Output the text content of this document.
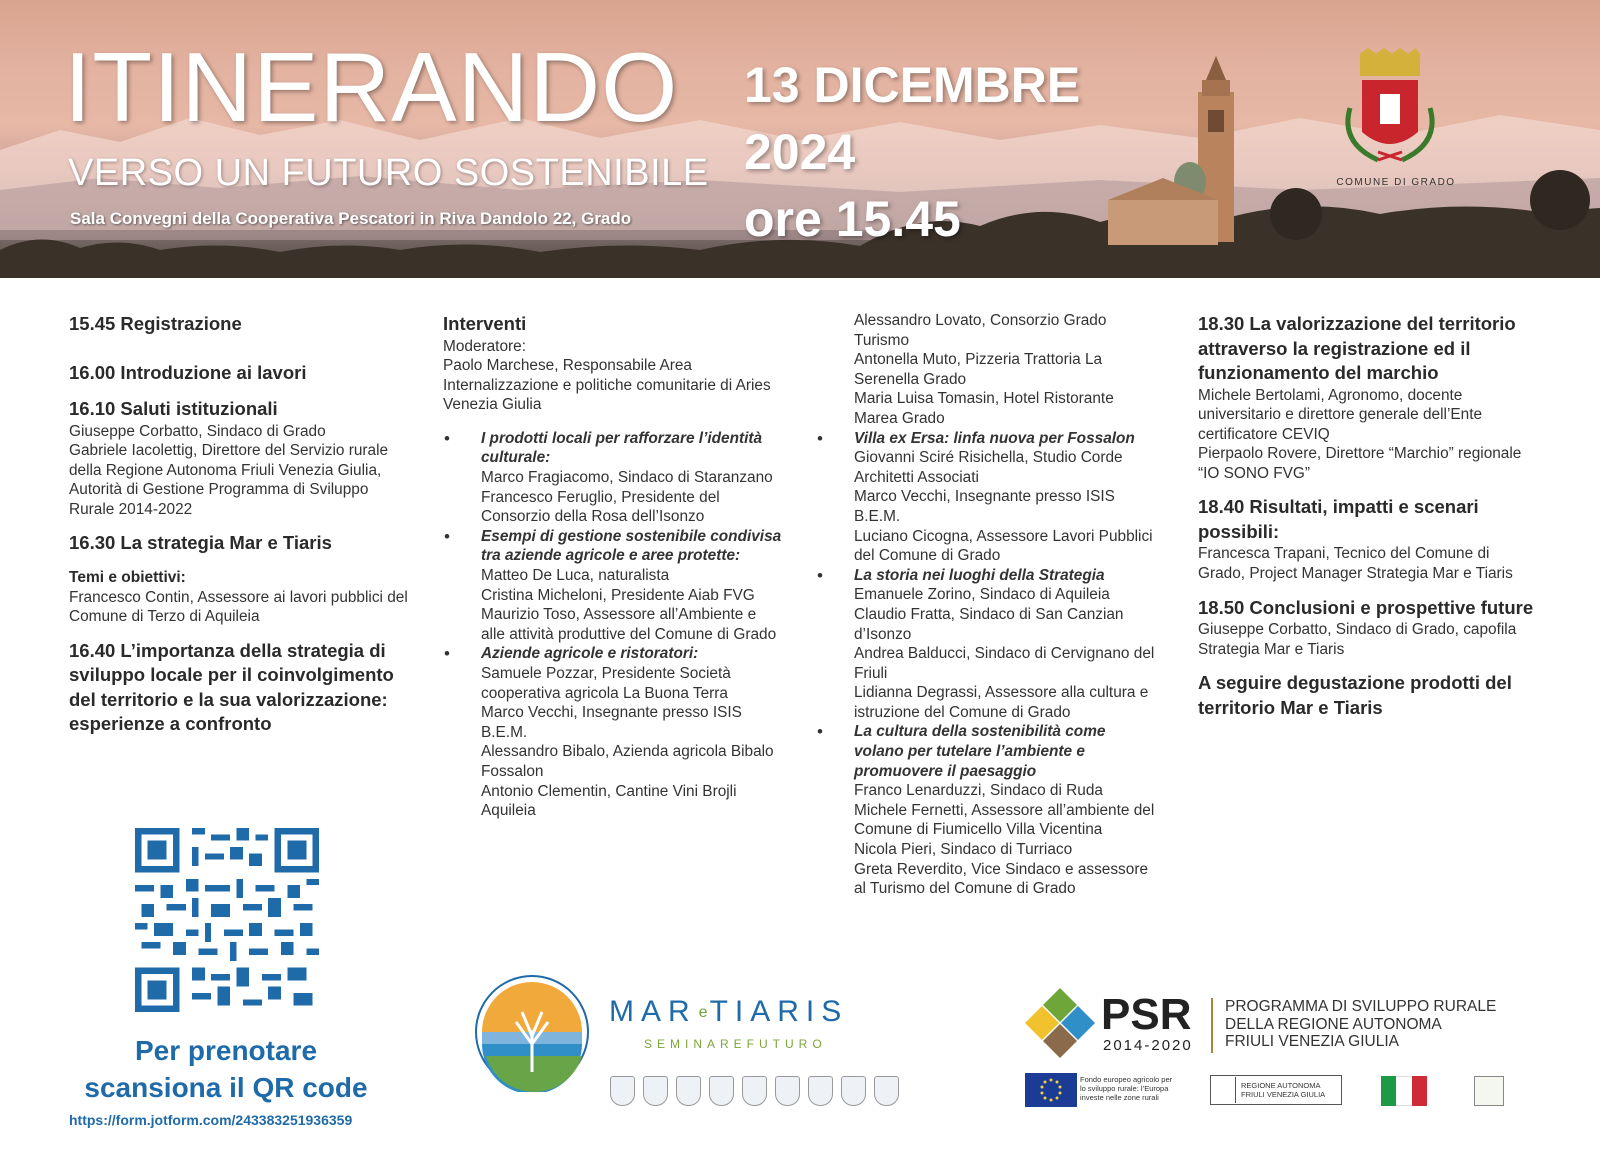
ITINERANDO
VERSO UN FUTURO SOSTENIBILE
Sala Convegni della Cooperativa Pescatori in Riva Dandolo 22, Grado
13 DICEMBRE
2024
ore 15.45
COMUNE DI GRADO
15.45 Registrazione
16.00 Introduzione ai lavori
16.10 Saluti istituzionali
Giuseppe Corbatto, Sindaco di Grado
Gabriele Iacolettig, Direttore del Servizio rurale della Regione Autonoma Friuli Venezia Giulia, Autorità di Gestione Programma di Sviluppo Rurale 2014-2022
16.30 La strategia Mar e Tiaris
Temi e obiettivi:
Francesco Contin, Assessore ai lavori pubblici del Comune di Terzo di Aquileia
16.40 L’importanza della strategia di sviluppo locale per il coinvolgimento del territorio e la sua valorizzazione:
esperienze a confronto
Interventi
Moderatore:
Paolo Marchese, Responsabile Area Internalizzazione e politiche comunitarie di Aries Venezia Giulia
• I prodotti locali per rafforzare l’identità culturale:
Marco Fragiacomo, Sindaco di Staranzano
Francesco Feruglio, Presidente del Consorzio della Rosa dell’Isonzo
• Esempi di gestione sostenibile condivisa tra aziende agricole e aree protette:
Matteo De Luca, naturalista
Cristina Micheloni, Presidente Aiab FVG
Maurizio Toso, Assessore all’Ambiente e alle attività produttive del Comune di Grado
• Aziende agricole e ristoratori:
Samuele Pozzar, Presidente Società cooperativa agricola La Buona Terra
Marco Vecchi, Insegnante presso ISIS B.E.M.
Alessandro Bibalo, Azienda agricola Bibalo Fossalon
Antonio Clementin, Cantine Vini Brojli Aquileia
Alessandro Lovato, Consorzio Grado Turismo
Antonella Muto, Pizzeria Trattoria La Serenella Grado
Maria Luisa Tomasin, Hotel Ristorante Marea Grado
• Villa ex Ersa: linfa nuova per Fossalon
Giovanni Sciré Risichella, Studio Corde Architetti Associati
Marco Vecchi, Insegnante presso ISIS B.E.M.
Luciano Cicogna, Assessore Lavori Pubblici del Comune di Grado
• La storia nei luoghi della Strategia
Emanuele Zorino, Sindaco di Aquileia
Claudio Fratta, Sindaco di San Canzian d’Isonzo
Andrea Balducci, Sindaco di Cervignano del Friuli
Lidianna Degrassi, Assessore alla cultura e istruzione del Comune di Grado
• La cultura della sostenibilità come volano per tutelare l’ambiente e promuovere il paesaggio
Franco Lenarduzzi, Sindaco di Ruda
Michele Fernetti, Assessore all’ambiente del Comune di Fiumicello Villa Vicentina
Nicola Pieri, Sindaco di Turriaco
Greta Reverdito, Vice Sindaco e assessore al Turismo del Comune di Grado
18.30 La valorizzazione del territorio attraverso la registrazione ed il funzionamento del marchio
Michele Bertolami, Agronomo, docente universitario e direttore generale dell’Ente certificatore CEVIQ
Pierpaolo Rovere, Direttore “Marchio” regionale “IO SONO FVG”
18.40 Risultati, impatti e scenari possibili:
Francesca Trapani, Tecnico del Comune di Grado, Project Manager Strategia Mar e Tiaris
18.50 Conclusioni e prospettive future
Giuseppe Corbatto, Sindaco di Grado, capofila Strategia Mar e Tiaris
A seguire degustazione prodotti del territorio Mar e Tiaris
Per prenotare
scansiona il QR code
https://form.jotform.com/243383251936359
MAR eTIARIS
SEMINAREFUTURO
PSR
2014-2020
PROGRAMMA DI SVILUPPO RURALE
DELLA REGIONE AUTONOMA
FRIULI VENEZIA GIULIA
Fondo europeo agricolo per lo sviluppo rurale: l’Europa investe nelle zone rurali
REGIONE AUTONOMA
FRIULI VENEZIA GIULIA
